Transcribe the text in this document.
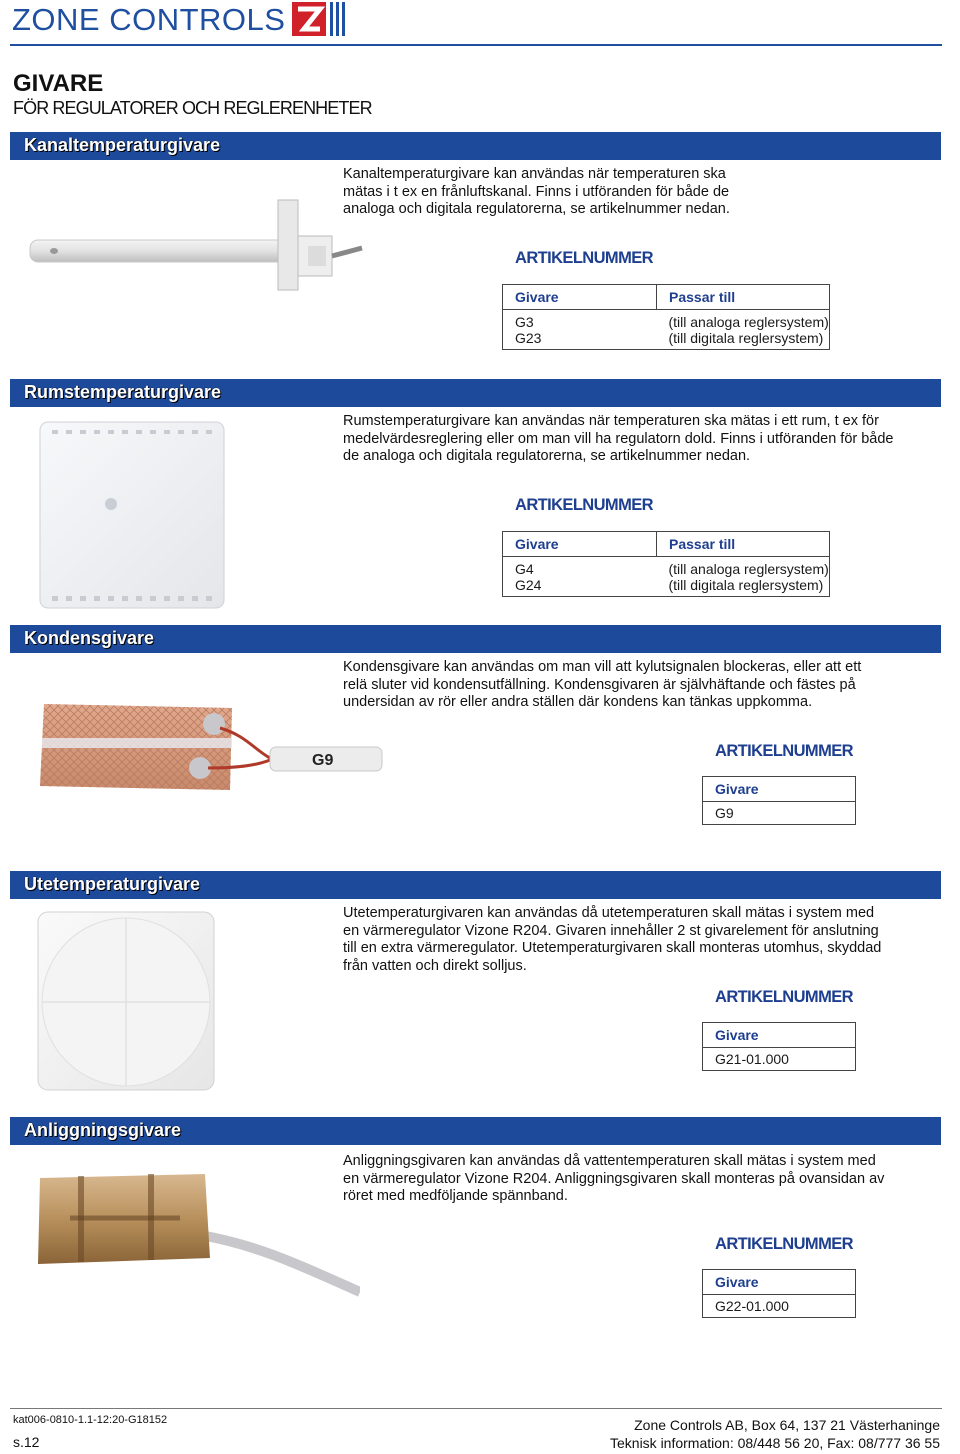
ZONE CONTROLS
GIVARE
FÖR REGULATORER OCH REGLERENHETER
Kanaltemperaturgivare
Kanaltemperaturgivare kan användas när temperaturen ska
mätas i t ex en frånluftskanal. Finns i utföranden för både de
analoga och digitala regulatorerna, se artikelnummer nedan.
ARTIKELNUMMER
Givare	Passar till
G3	(till analoga reglersystem)
G23	(till digitala reglersystem)
Rumstemperaturgivare
Rumstemperaturgivare kan användas när temperaturen ska mätas i ett rum, t ex för
medelvärdesreglering eller om man vill ha regulatorn dold. Finns i utföranden för både
de analoga och digitala regulatorerna, se artikelnummer nedan.
ARTIKELNUMMER
Givare	Passar till
G4	(till analoga reglersystem)
G24	(till digitala reglersystem)
Kondensgivare
G9
Kondensgivare kan användas om man vill att kylutsignalen blockeras, eller att ett
relä sluter vid kondensutfällning. Kondensgivaren är självhäftande och fästes på
undersidan av rör eller andra ställen där kondens kan tänkas uppkomma.
ARTIKELNUMMER
Givare
G9
Utetemperaturgivare
Utetemperaturgivaren kan användas då utetemperaturen skall mätas i system med
en värmeregulator Vizone R204. Givaren innehåller 2 st givarelement för anslutning
till en extra värmeregulator. Utetemperaturgivaren skall monteras utomhus, skyddad
från vatten och direkt solljus.
ARTIKELNUMMER
Givare
G21-01.000
Anliggningsgivare
Anliggningsgivaren kan användas då vattentemperaturen skall mätas i system med
en värmeregulator Vizone R204. Anliggningsgivaren skall monteras på ovansidan av
röret med medföljande spännband.
ARTIKELNUMMER
Givare
G22-01.000
kat006-0810-1.1-12:20-G18152
s.12
Zone Controls AB, Box 64, 137 21 Västerhaninge
Teknisk information: 08/448 56 20, Fax: 08/777 36 55
